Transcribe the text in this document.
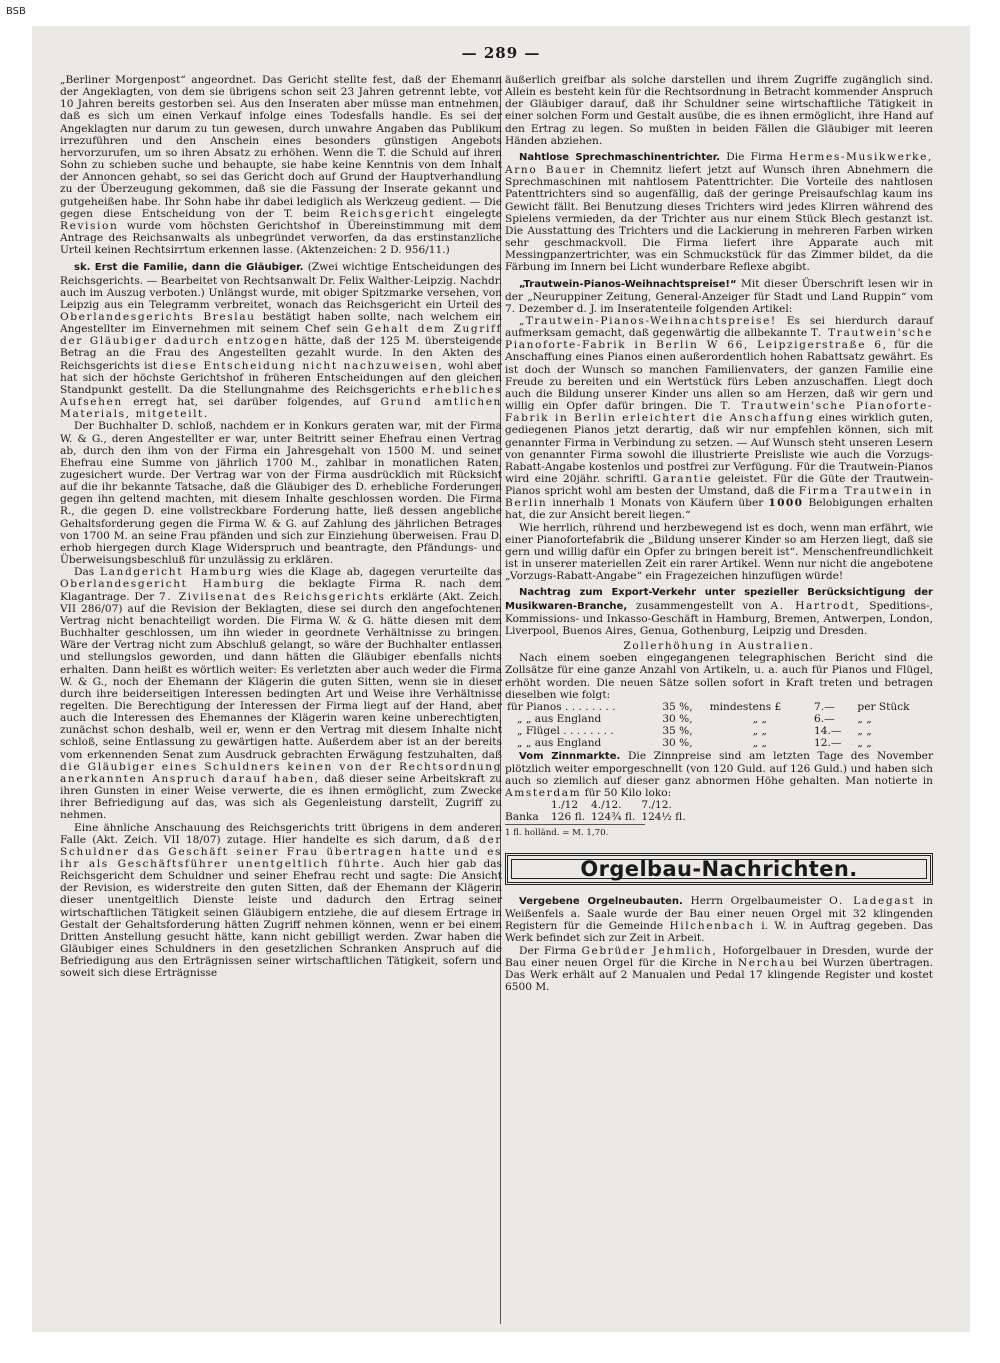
BSB
— 289 —

„Berliner Morgenpost“ angeordnet. Das Gericht stellte fest, daß der Ehemann der Angeklagten, von dem sie übrigens schon seit 23 Jahren getrennt lebte, vor 10 Jahren bereits gestorben sei. Aus den Inseraten aber müsse man entnehmen, daß es sich um einen Verkauf infolge eines Todesfalls handle. Es sei der Angeklagten nur darum zu tun gewesen, durch unwahre Angaben das Publikum irrezuführen und den Anschein eines besonders günstigen Angebots hervorzurufen, um so ihren Absatz zu erhöhen. Wenn die T. die Schuld auf ihren Sohn zu schieben suche und behaupte, sie habe keine Kenntnis von dem Inhalt der Annoncen gehabt, so sei das Gericht doch auf Grund der Hauptverhandlung zu der Überzeugung gekommen, daß sie die Fassung der Inserate gekannt und gutgeheißen habe. Ihr Sohn habe ihr dabei lediglich als Werkzeug gedient. — Die gegen diese Entscheidung von der T. beim Reichsgericht eingelegte Revision wurde vom höchsten Gerichtshof in Übereinstimmung mit dem Antrage des Reichsanwalts als unbegründet verworfen, da das erstinstanzliche Urteil keinen Rechtsirrtum erkennen lasse. (Aktenzeichen: 2 D. 956/11.)

sk. Erst die Familie, dann die Gläubiger. (Zwei wichtige Entscheidungen des Reichsgerichts. — Bearbeitet von Rechtsanwalt Dr. Felix Walther-Leipzig. Nachdr. auch im Auszug verboten.) Unlängst wurde, mit obiger Spitzmarke versehen, von Leipzig aus ein Telegramm verbreitet, wonach das Reichsgericht ein Urteil des Oberlandesgerichts Breslau bestätigt haben sollte, nach welchem ein Angestellter im Einvernehmen mit seinem Chef sein Gehalt dem Zugriff der Gläubiger dadurch entzogen hätte, daß der 125 M. übersteigende Betrag an die Frau des Angestellten gezahlt wurde. In den Akten des Reichsgerichts ist diese Entscheidung nicht nachzuweisen, wohl aber hat sich der höchste Gerichtshof in früheren Entscheidungen auf den gleichen Standpunkt gestellt. Da die Stellungnahme des Reichsgerichts erhebliches Aufsehen erregt hat, sei darüber folgendes, auf Grund amtlichen Materials, mitgeteilt.

Der Buchhalter D. schloß, nachdem er in Konkurs geraten war, mit der Firma W. & G., deren Angestellter er war, unter Beitritt seiner Ehefrau einen Vertrag ab, durch den ihm von der Firma ein Jahresgehalt von 1500 M. und seiner Ehefrau eine Summe von jährlich 1700 M., zahlbar in monatlichen Raten, zugesichert wurde. Der Vertrag war von der Firma ausdrücklich mit Rücksicht auf die ihr bekannte Tatsache, daß die Gläubiger des D. erhebliche Forderungen gegen ihn geltend machten, mit diesem Inhalte geschlossen worden. Die Firma R., die gegen D. eine vollstreckbare Forderung hatte, ließ dessen angebliche Gehaltsforderung gegen die Firma W. & G. auf Zahlung des jährlichen Betrages von 1700 M. an seine Frau pfänden und sich zur Einziehung überweisen. Frau D. erhob hiergegen durch Klage Widerspruch und beantragte, den Pfändungs- und Überweisungsbeschluß für unzulässig zu erklären.

Das Landgericht Hamburg wies die Klage ab, dagegen verurteilte das Oberlandesgericht Hamburg die beklagte Firma R. nach dem Klagantrage. Der 7. Zivilsenat des Reichsgerichts erklärte (Akt. Zeich. VII 286/07) auf die Revision der Beklagten, diese sei durch den angefochtenen Vertrag nicht benachteiligt worden. Die Firma W. & G. hätte diesen mit dem Buchhalter geschlossen, um ihn wieder in geordnete Verhältnisse zu bringen. Wäre der Vertrag nicht zum Abschluß gelangt, so wäre der Buchhalter entlassen und stellungslos geworden, und dann hätten die Gläubiger ebenfalls nichts erhalten. Dann heißt es wörtlich weiter: Es verletzten aber auch weder die Firma W. & G., noch der Ehemann der Klägerin die guten Sitten, wenn sie in dieser durch ihre beiderseitigen Interessen bedingten Art und Weise ihre Verhältnisse regelten. Die Berechtigung der Interessen der Firma liegt auf der Hand, aber auch die Interessen des Ehemannes der Klägerin waren keine unberechtigten, zunächst schon deshalb, weil er, wenn er den Vertrag mit diesem Inhalte nicht schloß, seine Entlassung zu gewärtigen hatte. Außerdem aber ist an der bereits vom erkennenden Senat zum Ausdruck gebrachten Erwägung festzuhalten, daß die Gläubiger eines Schuldners keinen von der Rechtsordnung anerkannten Anspruch darauf haben, daß dieser seine Arbeitskraft zu ihren Gunsten in einer Weise verwerte, die es ihnen ermöglicht, zum Zwecke ihrer Befriedigung auf das, was sich als Gegenleistung darstellt, Zugriff zu nehmen.

Eine ähnliche Anschauung des Reichsgerichts tritt übrigens in dem anderen Falle (Akt. Zeich. VII 18/07) zutage. Hier handelte es sich darum, daß der Schuldner das Geschäft seiner Frau übertragen hatte und es ihr als Geschäftsführer unentgeltlich führte. Auch hier gab das Reichsgericht dem Schuldner und seiner Ehefrau recht und sagte: Die Ansicht der Revision, es widerstreite den guten Sitten, daß der Ehemann der Klägerin dieser unentgeltlich Dienste leiste und dadurch den Ertrag seiner wirtschaftlichen Tätigkeit seinen Gläubigern entziehe, die auf diesem Ertrage in Gestalt der Gehaltsforderung hätten Zugriff nehmen können, wenn er bei einem Dritten Anstellung gesucht hätte, kann nicht gebilligt werden. Zwar haben die Gläubiger eines Schuldners in den gesetzlichen Schranken Anspruch auf die Befriedigung aus den Erträgnissen seiner wirtschaftlichen Tätigkeit, sofern und soweit sich diese Erträgnisse

äußerlich greifbar als solche darstellen und ihrem Zugriffe zugänglich sind. Allein es besteht kein für die Rechtsordnung in Betracht kommender Anspruch der Gläubiger darauf, daß ihr Schuldner seine wirtschaftliche Tätigkeit in einer solchen Form und Gestalt ausübe, die es ihnen ermöglicht, ihre Hand auf den Ertrag zu legen. So mußten in beiden Fällen die Gläubiger mit leeren Händen abziehen.

Nahtlose Sprechmaschinentrichter. Die Firma Hermes-Musikwerke, Arno Bauer in Chemnitz liefert jetzt auf Wunsch ihren Abnehmern die Sprechmaschinen mit nahtlosem Patenttrichter. Die Vorteile des nahtlosen Patenttrichters sind so augenfällig, daß der geringe Preisaufschlag kaum ins Gewicht fällt. Bei Benutzung dieses Trichters wird jedes Klirren während des Spielens vermieden, da der Trichter aus nur einem Stück Blech gestanzt ist. Die Ausstattung des Trichters und die Lackierung in mehreren Farben wirken sehr geschmackvoll. Die Firma liefert ihre Apparate auch mit Messingpanzertrichter, was ein Schmuckstück für das Zimmer bildet, da die Färbung im Innern bei Licht wunderbare Reflexe abgibt.

„Trautwein-Pianos-Weihnachtspreise!“ Mit dieser Überschrift lesen wir in der „Neuruppiner Zeitung, General-Anzeiger für Stadt und Land Ruppin“ vom 7. Dezember d. J. im Inseratenteile folgenden Artikel:

„Trautwein-Pianos-Weihnachtspreise! Es sei hierdurch darauf aufmerksam gemacht, daß gegenwärtig die allbekannte T. Trautwein'sche Pianoforte-Fabrik in Berlin W 66, Leipzigerstraße 6, für die Anschaffung eines Pianos einen außerordentlich hohen Rabattsatz gewährt. Es ist doch der Wunsch so manchen Familienvaters, der ganzen Familie eine Freude zu bereiten und ein Wertstück fürs Leben anzuschaffen. Liegt doch auch die Bildung unserer Kinder uns allen so am Herzen, daß wir gern und willig ein Opfer dafür bringen. Die T. Trautwein'sche Pianoforte-Fabrik in Berlin erleichtert die Anschaffung eines wirklich guten, gediegenen Pianos jetzt derartig, daß wir nur empfehlen können, sich mit genannter Firma in Verbindung zu setzen. — Auf Wunsch steht unseren Lesern von genannter Firma sowohl die illustrierte Preisliste wie auch die Vorzugs-Rabatt-Angabe kostenlos und postfrei zur Verfügung. Für die Trautwein-Pianos wird eine 20jähr. schriftl. Garantie geleistet. Für die Güte der Trautwein-Pianos spricht wohl am besten der Umstand, daß die Firma Trautwein in Berlin innerhalb 1 Monats von Käufern über 1000 Belobigungen erhalten hat, die zur Ansicht bereit liegen.“

Wie herrlich, rührend und herzbewegend ist es doch, wenn man erfährt, wie einer Pianofortefabrik die „Bildung unserer Kinder so am Herzen liegt, daß sie gern und willig dafür ein Opfer zu bringen bereit ist“. Menschenfreundlichkeit ist in unserer materiellen Zeit ein rarer Artikel. Wenn nur nicht die angebotene „Vorzugs-Rabatt-Angabe“ ein Fragezeichen hinzufügen würde!

Nachtrag zum Export-Verkehr unter spezieller Berücksichtigung der Musikwaren-Branche, zusammengestellt von A. Hartrodt, Speditions-, Kommissions- und Inkasso-Geschäft in Hamburg, Bremen, Antwerpen, London, Liverpool, Buenos Aires, Genua, Gothenburg, Leipzig und Dresden.

Zollerhöhung in Australien.

Nach einem soeben eingegangenen telegraphischen Bericht sind die Zollsätze für eine ganze Anzahl von Artikeln, u. a. auch für Pianos und Flügel, erhöht worden. Die neuen Sätze sollen sofort in Kraft treten und betragen dieselben wie folgt:

für Pianos . . . . . . . .	35 %,	mindestens £	7.—	per Stück
„ „ aus England	30 %,	„ „	6.—	„ „
„ Flügel . . . . . . . .	35 %,	„ „	14.—	„ „
„ „ aus England	30 %,	„ „	12.—	„ „

Vom Zinnmarkte. Die Zinnpreise sind am letzten Tage des November plötzlich weiter emporgeschnellt (von 120 Guld. auf 126 Guld.) und haben sich auch so ziemlich auf dieser ganz abnormen Höhe gehalten. Man notierte in Amsterdam für 50 Kilo loko:

	1./12	4./12.	7./12.
Banka	126 fl.	124¾ fl.	124½ fl.

1 fl. holländ. = M. 1,70.

Orgelbau-Nachrichten.

Vergebene Orgelneubauten. Herrn Orgelbaumeister O. Ladegast in Weißenfels a. Saale wurde der Bau einer neuen Orgel mit 32 klingenden Registern für die Gemeinde Hilchenbach i. W. in Auftrag gegeben. Das Werk befindet sich zur Zeit in Arbeit.

Der Firma Gebrüder Jehmlich, Hoforgelbauer in Dresden, wurde der Bau einer neuen Orgel für die Kirche in Nerchau bei Wurzen übertragen. Das Werk erhält auf 2 Manualen und Pedal 17 klingende Register und kostet 6500 M.
